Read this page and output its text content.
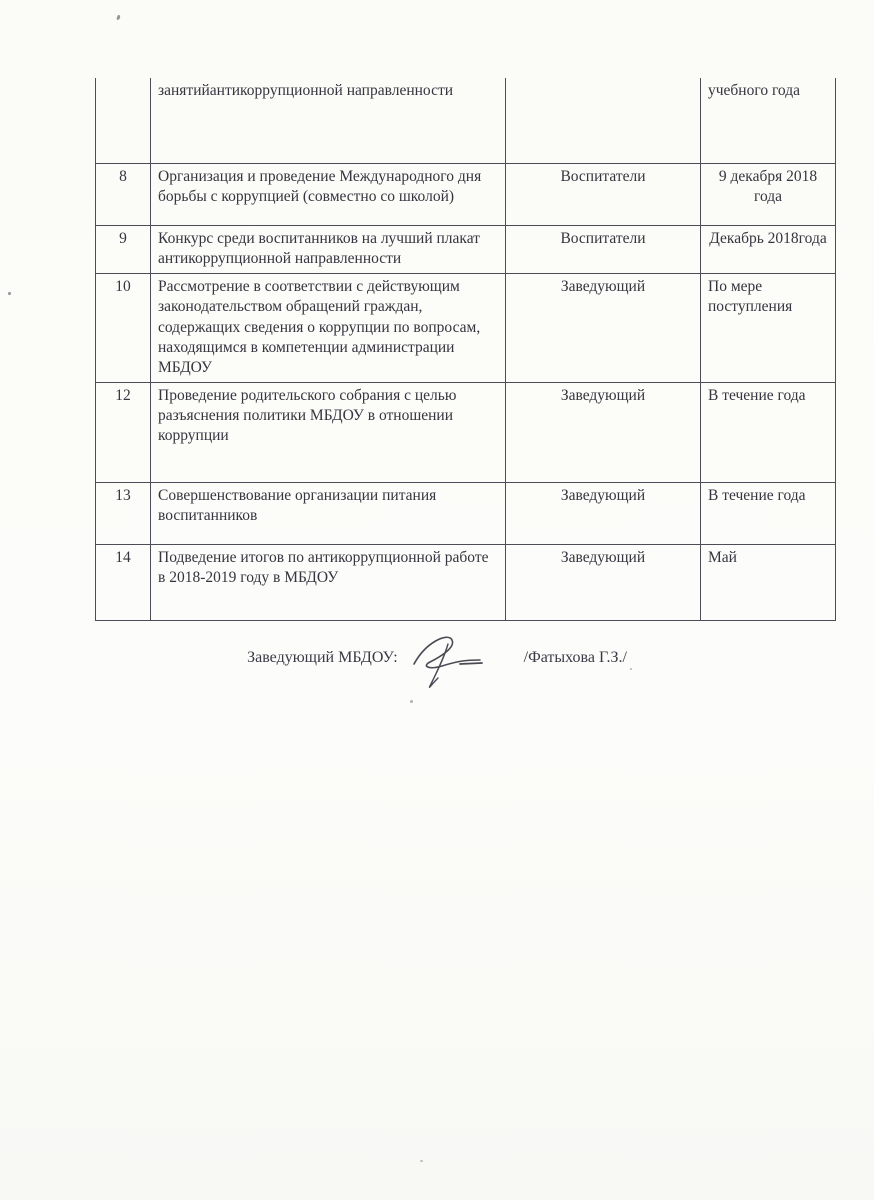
	занятийантикоррупционной направленности		учебного года
8	Организация и проведение Международного дня борьбы с коррупцией (совместно со школой)	Воспитатели	9 декабря 2018 года
9	Конкурс среди воспитанников на лучший плакат антикоррупционной направленности	Воспитатели	Декабрь 2018года
10	Рассмотрение в соответствии с действующим законодательством обращений граждан, содержащих сведения о коррупции по вопросам, находящимся в компетенции администрации МБДОУ	Заведующий	По мере поступления
12	Проведение родительского собрания с целью разъяснения политики МБДОУ в отношении коррупции	Заведующий	В течение года
13	Совершенствование организации питания воспитанников	Заведующий	В течение года
14	Подведение итогов по антикоррупционной работе в 2018-2019 году в МБДОУ	Заведующий	Май
Заведующий МБДОУ:	/Фатыхова Г.З./
